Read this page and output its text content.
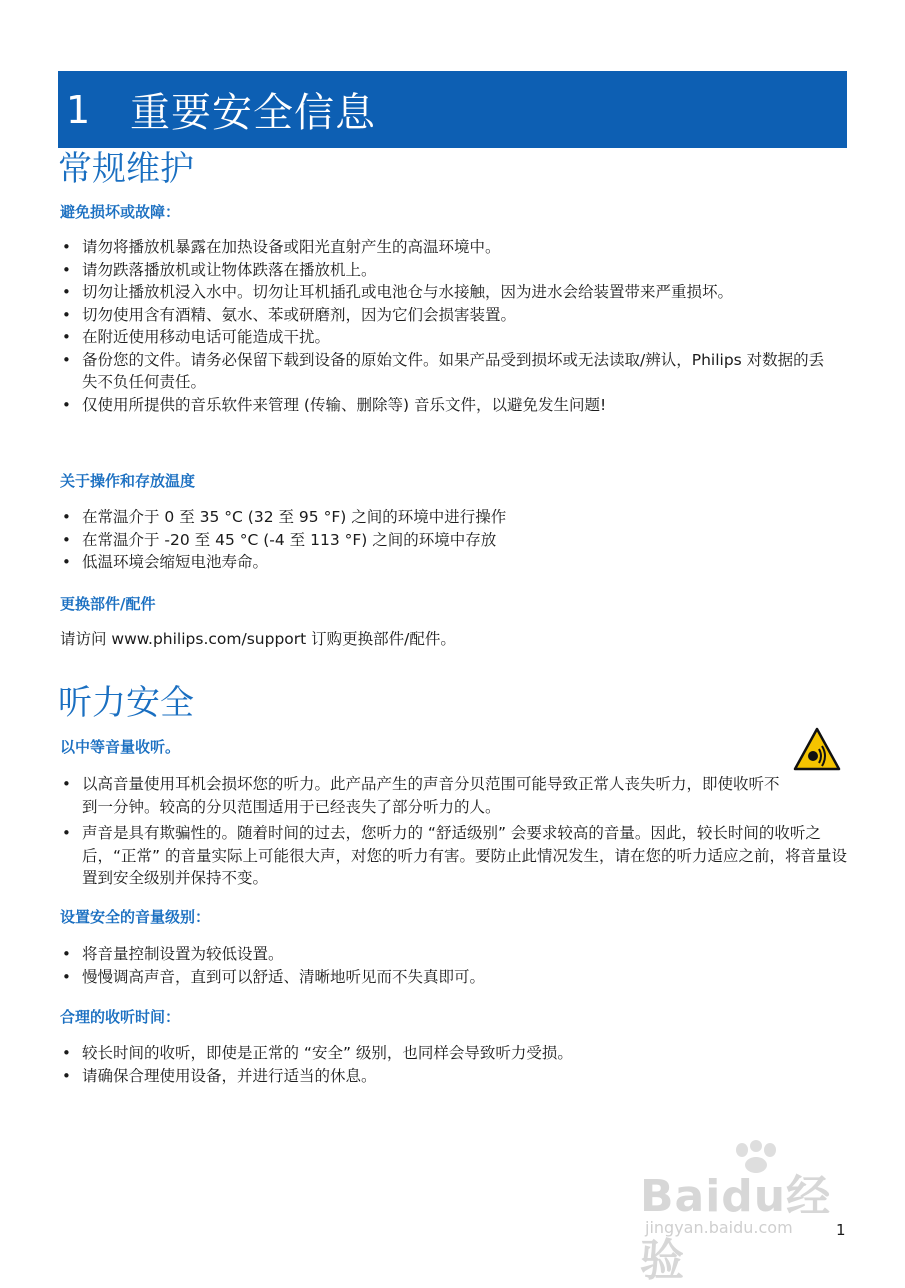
1 重要安全信息
常规维护

避免损坏或故障：

• 请勿将播放机暴露在加热设备或阳光直射产生的高温环境中。
• 请勿跌落播放机或让物体跌落在播放机上。
• 切勿让播放机浸入水中。切勿让耳机插孔或电池仓与水接触，因为进水会给装置带来严重损坏。
• 切勿使用含有酒精、氨水、苯或研磨剂，因为它们会损害装置。
• 在附近使用移动电话可能造成干扰。
• 备份您的文件。请务必保留下载到设备的原始文件。如果产品受到损坏或无法读取/辨认，Philips 对数据的丢失不负任何责任。
• 仅使用所提供的音乐软件来管理 (传输、删除等) 音乐文件，以避免发生问题!

关于操作和存放温度

• 在常温介于 0 至 35 °C (32 至 95 °F) 之间的环境中进行操作
• 在常温介于 -20 至 45 °C (-4 至 113 °F) 之间的环境中存放
• 低温环境会缩短电池寿命。

更换部件/配件

请访问 www.philips.com/support 订购更换部件/配件。

听力安全

以中等音量收听。

• 以高音量使用耳机会损坏您的听力。此产品产生的声音分贝范围可能导致正常人丧失听力，即使收听不到一分钟。较高的分贝范围适用于已经丧失了部分听力的人。
• 声音是具有欺骗性的。随着时间的过去，您听力的 “舒适级别” 会要求较高的音量。因此，较长时间的收听之后，“正常” 的音量实际上可能很大声，对您的听力有害。要防止此情况发生，请在您的听力适应之前，将音量设置到安全级别并保持不变。

设置安全的音量级别：

• 将音量控制设置为较低设置。
• 慢慢调高声音，直到可以舒适、清晰地听见而不失真即可。

合理的收听时间：

• 较长时间的收听，即使是正常的 “安全” 级别，也同样会导致听力受损。
• 请确保合理使用设备，并进行适当的休息。
Baidu经验
jingyan.baidu.com	1
